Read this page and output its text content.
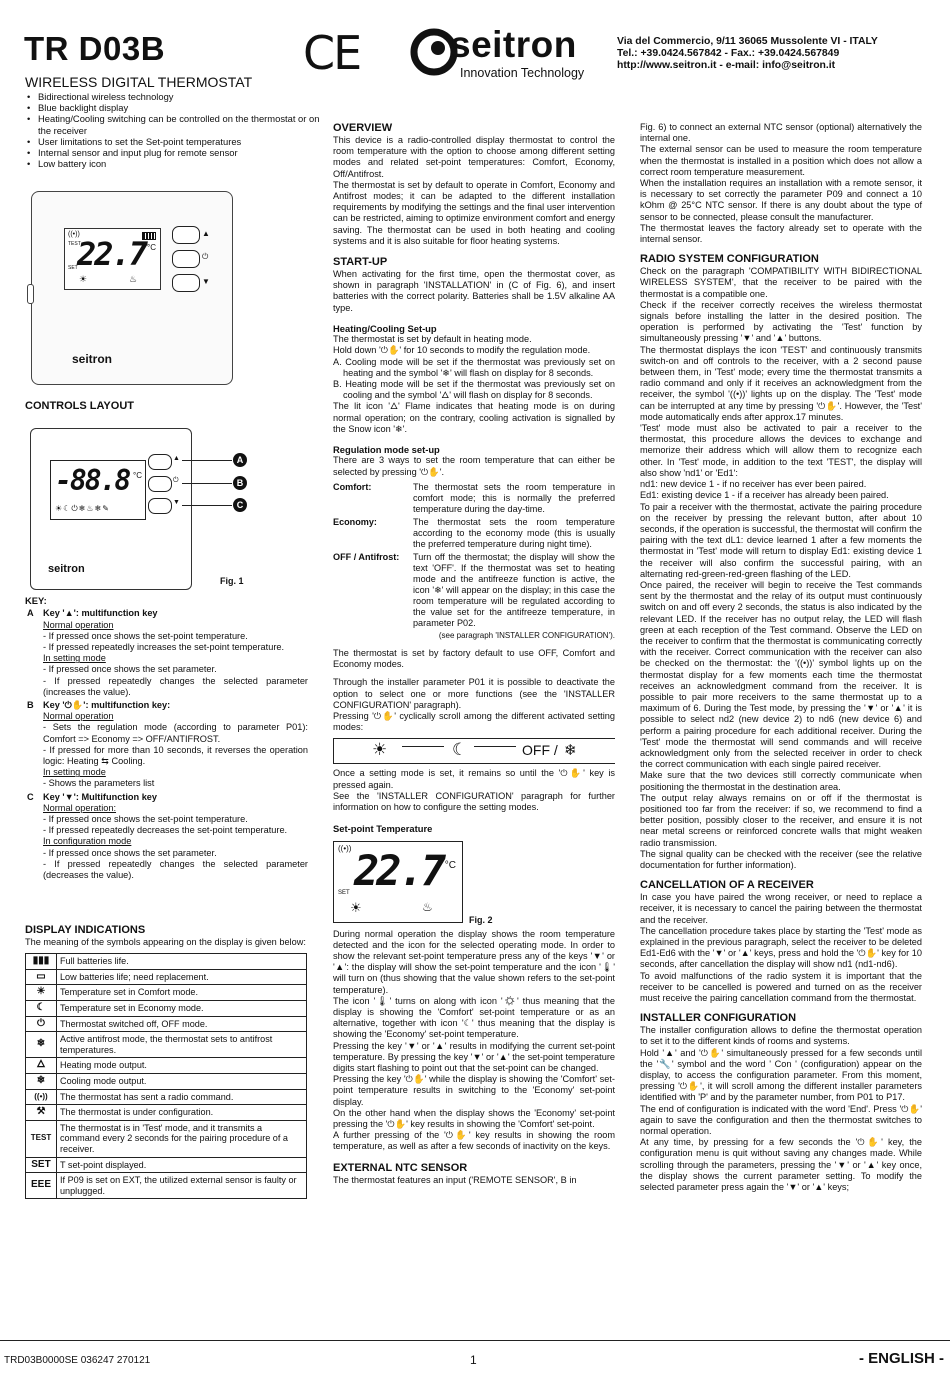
TR D03B
WIRELESS DIGITAL THERMOSTAT
CE seitron
Innovation Technology
Via del Commercio, 9/11 36065 Mussolente VI - ITALY
Tel.: +39.0424.567842 - Fax.: +39.0424.567849
http://www.seitron.it - e-mail: info@seitron.it
• Bidirectional wireless technology
• Blue backlight display
• Heating/Cooling switching can be controlled on the thermostat or on the receiver
• User limitations to set the Set-point temperatures
• Internal sensor and input plug for remote sensor
• Low battery icon
((•))
TEST
22.7 °C
SET
☀	♨
▲
⏻
▼
seitron
CONTROLS LAYOUT
-88.8 °C
☀☾⏻❄♨❄✎
▲
⏻
▼
A
B
C
seitron
Fig. 1
KEY:
A Key '▲': multifunction key
Normal operation
- If pressed once shows the set-point temperature.
- If pressed repeatedly increases the set-point temperature.
In setting mode
- If pressed once shows the set parameter.
- If pressed repeatedly changes the selected parameter (increases the value).
B Key '⏻✋': multifunction key:
Normal operation
- Sets the regulation mode (according to parameter P01): Comfort => Economy => OFF/ANTIFROST.
- If pressed for more than 10 seconds, it reverses the operation logic: Heating ⇆ Cooling.
In setting mode
- Shows the parameters list
C Key '▼': Multifunction key
Normal operation:
- If pressed once shows the set-point temperature.
- If pressed repeatedly decreases the set-point temperature.
In configuration mode
- If pressed once shows the set parameter.
- If pressed repeatedly changes the selected parameter (decreases the value).
DISPLAY INDICATIONS

The meaning of the symbols appearing on the display is given below:

▮▮▮	Full batteries life.
▭	Low batteries life; need replacement.
☀	Temperature set in Comfort mode.
☾	Temperature set in Economy mode.
⏻	Thermostat switched off, OFF mode.
❄	Active antifrost mode, the thermostat sets to antifrost temperatures.
🜂	Heating mode output.
❄	Cooling mode output.
((•))	The thermostat has sent a radio command.
⚒	The thermostat is under configuration.
TEST	The thermostat is in 'Test' mode, and it transmits a command every 2 seconds for the pairing procedure of a receiver.
SET	T set-point displayed.
EEE	If P09 is set on EXT, the utilized external sensor is faulty or unplugged.
OVERVIEW

This device is a radio-controlled display thermostat to control the room temperature with the option to choose among different setting modes and related set-point temperatures: Comfort, Economy, Off/Antifrost.

The thermostat is set by default to operate in Comfort, Economy and Antifrost modes; it can be adapted to the different installation requirements by modifying the settings and the final user intervention can be restricted, aiming to optimize environment comfort and energy saving. The thermostat can be used in both heating and cooling systems and it is also suitable for floor heating systems.

START-UP

When activating for the first time, open the thermostat cover, as shown in paragraph 'INSTALLATION' in (C of Fig. 6), and insert batteries with the correct polarity. Batteries shall be 1.5V alkaline AA type.

Heating/Cooling Set-up

The thermostat is set by default in heating mode.

Hold down '⏻✋' for 10 seconds to modify the regulation mode.

A. Cooling mode will be set if the thermostat was previously set on heating and the symbol '❄' will flash on display for 8 seconds.

B. Heating mode will be set if the thermostat was previously set on cooling and the symbol '🜂' will flash on display for 8 seconds.

The lit icon '🜂' Flame indicates that heating mode is on during normal operation; on the contrary, cooling activation is signalled by the Snow icon '❄'.

Regulation mode set-up

There are 3 ways to set the room temperature that can either be selected by pressing '⏻✋'.

Comfort:	The thermostat sets the room temperature in comfort mode; this is normally the preferred temperature during the day-time.
Economy:	The thermostat sets the room temperature according to the economy mode (this is usually the preferred temperature during night time).
OFF / Antifrost:	Turn off the thermostat; the display will show the text 'OFF'. If the thermostat was set to heating mode and the antifreeze function is active, the icon '❄' will appear on the display; in this case the room temperature will be regulated according to the value set for the antifreeze temperature, in parameter P02.

(see paragraph 'INSTALLER CONFIGURATION').

The thermostat is set by factory default to use OFF, Comfort and Economy modes.

Through the installer parameter P01 it is possible to deactivate the option to select one or more functions (see the 'INSTALLER CONFIGURATION' paragraph).

Pressing '⏻✋' cyclically scroll among the different activated setting modes:

☀	☾	OFF / ❄

Once a setting mode is set, it remains so until the '⏻✋' key is pressed again.

See the 'INSTALLER CONFIGURATION' paragraph for further information on how to configure the setting modes.

Set-point Temperature
((•)) 22.7 °C
SET
☀	♨
Fig. 2

During normal operation the display shows the room temperature detected and the icon for the selected operating mode. In order to show the relevant set-point temperature press any of the keys '▼' or '▲': the display will show the set-point temperature and the icon '🌡' will turn on (thus showing that the value shown refers to the set-point temperature).

The icon '🌡' turns on along with icon '☀' thus meaning that the display is showing the 'Comfort' set-point temperature or as an alternative, together with icon '☾' thus meaning that the display is showing the 'Economy' set-point temperature.

Pressing the key '▼' or '▲' results in modifying the current set-point temperature. By pressing the key '▼' or '▲' the set-point temperature digits start flashing to point out that the set-point can be changed.

Pressing the key '⏻✋' while the display is showing the 'Comfort' set-point temperature results in switching to the 'Economy' set-point display.

On the other hand when the display shows the 'Economy' set-point pressing the '⏻✋' key results in showing the 'Comfort' set-point.

A further pressing of the '⏻✋' key results in showing the room temperature, as well as after a few seconds of inactivity on the keys.

EXTERNAL NTC SENSOR

The thermostat features an input ('REMOTE SENSOR', B in

Fig. 6) to connect an external NTC sensor (optional) alternatively the internal one.

The external sensor can be used to measure the room temperature when the thermostat is installed in a position which does not allow a correct room temperature measurement.

When the installation requires an installation with a remote sensor, it is necessary to set correctly the parameter P09 and connect a 10 kOhm @ 25°C NTC sensor. If there is any doubt about the type of sensor to be connected, please consult the manufacturer.

The thermostat leaves the factory already set to operate with the internal sensor.

RADIO SYSTEM CONFIGURATION

Check on the paragraph 'COMPATIBILITY WITH BIDIRECTIONAL WIRELESS SYSTEM', that the receiver to be paired with the thermostat is a compatible one.

Check if the receiver correctly receives the wireless thermostat signals before installing the latter in the desired position. The operation is performed by activating the 'Test' function by simultaneously pressing '▼' and '▲' buttons.

The thermostat displays the icon 'TEST' and continuously transmits switch-on and off controls to the receiver, with a 2 second pause between them, in 'Test' mode; every time the thermostat transmits a radio command and only if it receives an acknowledgment from the receiver, the symbol '((•))' lights up on the display. The 'Test' mode can be interrupted at any time by pressing '⏻✋'. However, the 'Test' mode automatically ends after approx.17 minutes.

'Test' mode must also be activated to pair a receiver to the thermostat, this procedure allows the devices to exchange and memorize their address which will allow them to recognize each other. In 'Test' mode, in addition to the text 'TEST', the display will also show 'nd1' or 'Ed1':

nd1: new device 1 - if no receiver has ever been paired.

Ed1: existing device 1 - if a receiver has already been paired.

To pair a receiver with the thermostat, activate the pairing procedure on the receiver by pressing the relevant button, after about 10 seconds, if the operation is successful, the thermostat will confirm the pairing with the text dL1: device learned 1 after a few moments the thermostat in 'Test' mode will return to display Ed1: existing device 1 the receiver will also confirm the successful pairing, with an alternating red-green-red-green flashing of the LED.

Once paired, the receiver will begin to receive the Test commands sent by the thermostat and the relay of its output must continuously switch on and off every 2 seconds, the status is also indicated by the relevant LED. If the receiver has no output relay, the LED will flash green at each reception of the Test command. Observe the LED on the receiver to confirm that the thermostat is communicating correctly with the receiver. Correct communication with the receiver can also be checked on the thermostat: the '((•))' symbol lights up on the thermostat display for a few moments each time the thermostat receives an acknowledgment command from the receiver. It is possible to pair more receivers to the same thermostat up to a maximum of 6. During the Test mode, by pressing the '▼' or '▲' it is possible to select nd2 (new device 2) to nd6 (new device 6) and perform a pairing procedure for each additional receiver. During the 'Test' mode the thermostat will send commands and will receive acknowledgment only from the selected receiver in order to check the correct communication with each single paired receiver.

Make sure that the two devices still correctly communicate when positioning the thermostat in the destination area.

The output relay always remains on or off if the thermostat is positioned too far from the receiver: if so, we recommend to find a better position, possibly closer to the receiver, and ensure it is not near metal screens or reinforced concrete walls that might weaken radio transmission.

The signal quality can be checked with the receiver (see the relative documentation for further information).

CANCELLATION OF A RECEIVER

In case you have paired the wrong receiver, or need to replace a receiver, it is necessary to cancel the pairing between the thermostat and the receiver.

The cancellation procedure takes place by starting the 'Test' mode as explained in the previous paragraph, select the receiver to be deleted Ed1-Ed6 with the '▼' or '▲' keys, press and hold the '⏻✋' key for 10 seconds, after cancellation the display will show nd1 (nd1-nd6).

To avoid malfunctions of the radio system it is important that the receiver to be cancelled is powered and turned on as the receiver must receive the pairing cancellation command from the thermostat.

INSTALLER CONFIGURATION

The installer configuration allows to define the thermostat operation to set it to the different kinds of rooms and systems.

Hold '▲' and '⏻✋' simultaneously pressed for a few seconds until the '🔧' symbol and the word ' Con ' (configuration) appear on the display, to access the configuration parameter. From this moment, pressing '⏻✋', it will scroll among the different installer parameters identified with 'P' and by the parameter number, from P01 to P17.

The end of configuration is indicated with the word 'End'. Press '⏻✋' again to save the configuration and then the thermostat switches to normal operation.

At any time, by pressing for a few seconds the '⏻✋' key, the configuration menu is quit without saving any changes made. While scrolling through the parameters, pressing the '▼' or '▲' key once, the display shows the current parameter setting. To modify the selected parameter press again the '▼' or '▲' keys;

TRD03B0000SE 036247 270121	1	- ENGLISH -
